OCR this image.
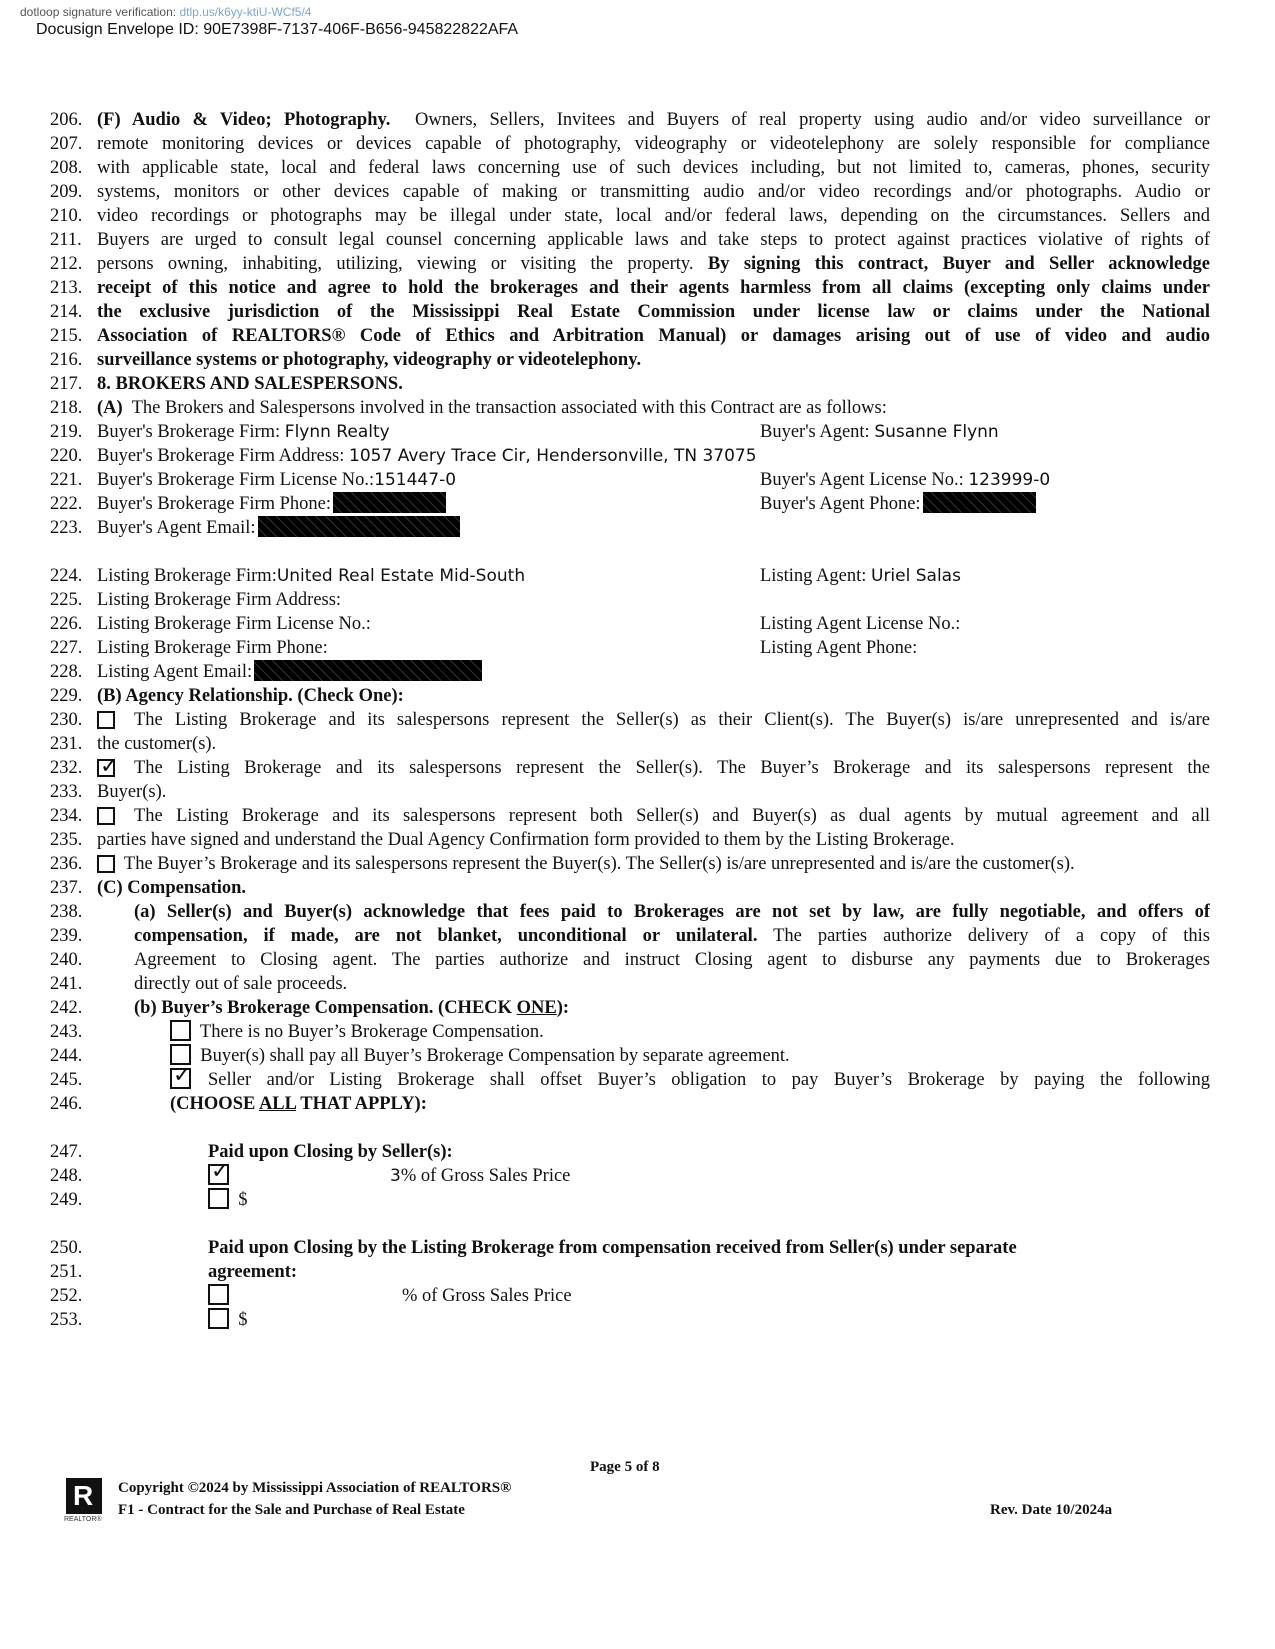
dotloop signature verification: dtlp.us/k6yy-ktiU-WCf5/4
Docusign Envelope ID: 90E7398F-7137-406F-B656-945822822AFA
206. (F) Audio & Video; Photography. Owners, Sellers, Invitees and Buyers of real property using audio and/or video surveillance or
207. remote monitoring devices or devices capable of photography, videography or videotelephony are solely responsible for compliance
208. with applicable state, local and federal laws concerning use of such devices including, but not limited to, cameras, phones, security
209. systems, monitors or other devices capable of making or transmitting audio and/or video recordings and/or photographs. Audio or
210. video recordings or photographs may be illegal under state, local and/or federal laws, depending on the circumstances. Sellers and
211. Buyers are urged to consult legal counsel concerning applicable laws and take steps to protect against practices violative of rights of
212. persons owning, inhabiting, utilizing, viewing or visiting the property. By signing this contract, Buyer and Seller acknowledge
213. receipt of this notice and agree to hold the brokerages and their agents harmless from all claims (excepting only claims under
214. the exclusive jurisdiction of the Mississippi Real Estate Commission under license law or claims under the National
215. Association of REALTORS® Code of Ethics and Arbitration Manual) or damages arising out of use of video and audio
216. surveillance systems or photography, videography or videotelephony.
217. 8. BROKERS AND SALESPERSONS.
218. (A) The Brokers and Salespersons involved in the transaction associated with this Contract are as follows:
219. Buyer's Brokerage Firm: Flynn Realty	Buyer's Agent: Susanne Flynn
220. Buyer's Brokerage Firm Address: 1057 Avery Trace Cir, Hendersonville, TN 37075
221. Buyer's Brokerage Firm License No.:151447-0	Buyer's Agent License No.: 123999-0
222. Buyer's Brokerage Firm Phone:	Buyer's Agent Phone:
223. Buyer's Agent Email:
224. Listing Brokerage Firm:United Real Estate Mid-South	Listing Agent: Uriel Salas
225. Listing Brokerage Firm Address:
226. Listing Brokerage Firm License No.:	Listing Agent License No.:
227. Listing Brokerage Firm Phone:	Listing Agent Phone:
228. Listing Agent Email:
229. (B) Agency Relationship. (Check One):
230.	The Listing Brokerage and its salespersons represent the Seller(s) as their Client(s). The Buyer(s) is/are unrepresented and is/are
231. the customer(s).
232. ✓	The Listing Brokerage and its salespersons represent the Seller(s). The Buyer’s Brokerage and its salespersons represent the
233. Buyer(s).
234.	The Listing Brokerage and its salespersons represent both Seller(s) and Buyer(s) as dual agents by mutual agreement and all
235. parties have signed and understand the Dual Agency Confirmation form provided to them by the Listing Brokerage.
236.	The Buyer’s Brokerage and its salespersons represent the Buyer(s). The Seller(s) is/are unrepresented and is/are the customer(s).
237. (C) Compensation.
238.	(a) Seller(s) and Buyer(s) acknowledge that fees paid to Brokerages are not set by law, are fully negotiable, and offers of
239.	compensation, if made, are not blanket, unconditional or unilateral. The parties authorize delivery of a copy of this
240.	Agreement to Closing agent. The parties authorize and instruct Closing agent to disburse any payments due to Brokerages
241.	directly out of sale proceeds.
242.	(b) Buyer’s Brokerage Compensation. (CHECK ONE):
243.	There is no Buyer’s Brokerage Compensation.
244.	Buyer(s) shall pay all Buyer’s Brokerage Compensation by separate agreement.
245. ✓	Seller and/or Listing Brokerage shall offset Buyer’s obligation to pay Buyer’s Brokerage by paying the following
246.	(CHOOSE ALL THAT APPLY):
247.	Paid upon Closing by Seller(s):
248. ✓	3% of Gross Sales Price
249.	$
250.	Paid upon Closing by the Listing Brokerage from compensation received from Seller(s) under separate
251.	agreement:
252.	% of Gross Sales Price
253.	$
Page 5 of 8
R
REALTOR®
Copyright ©2024 by Mississippi Association of REALTORS®
F1 - Contract for the Sale and Purchase of Real Estate	Rev. Date 10/2024a
